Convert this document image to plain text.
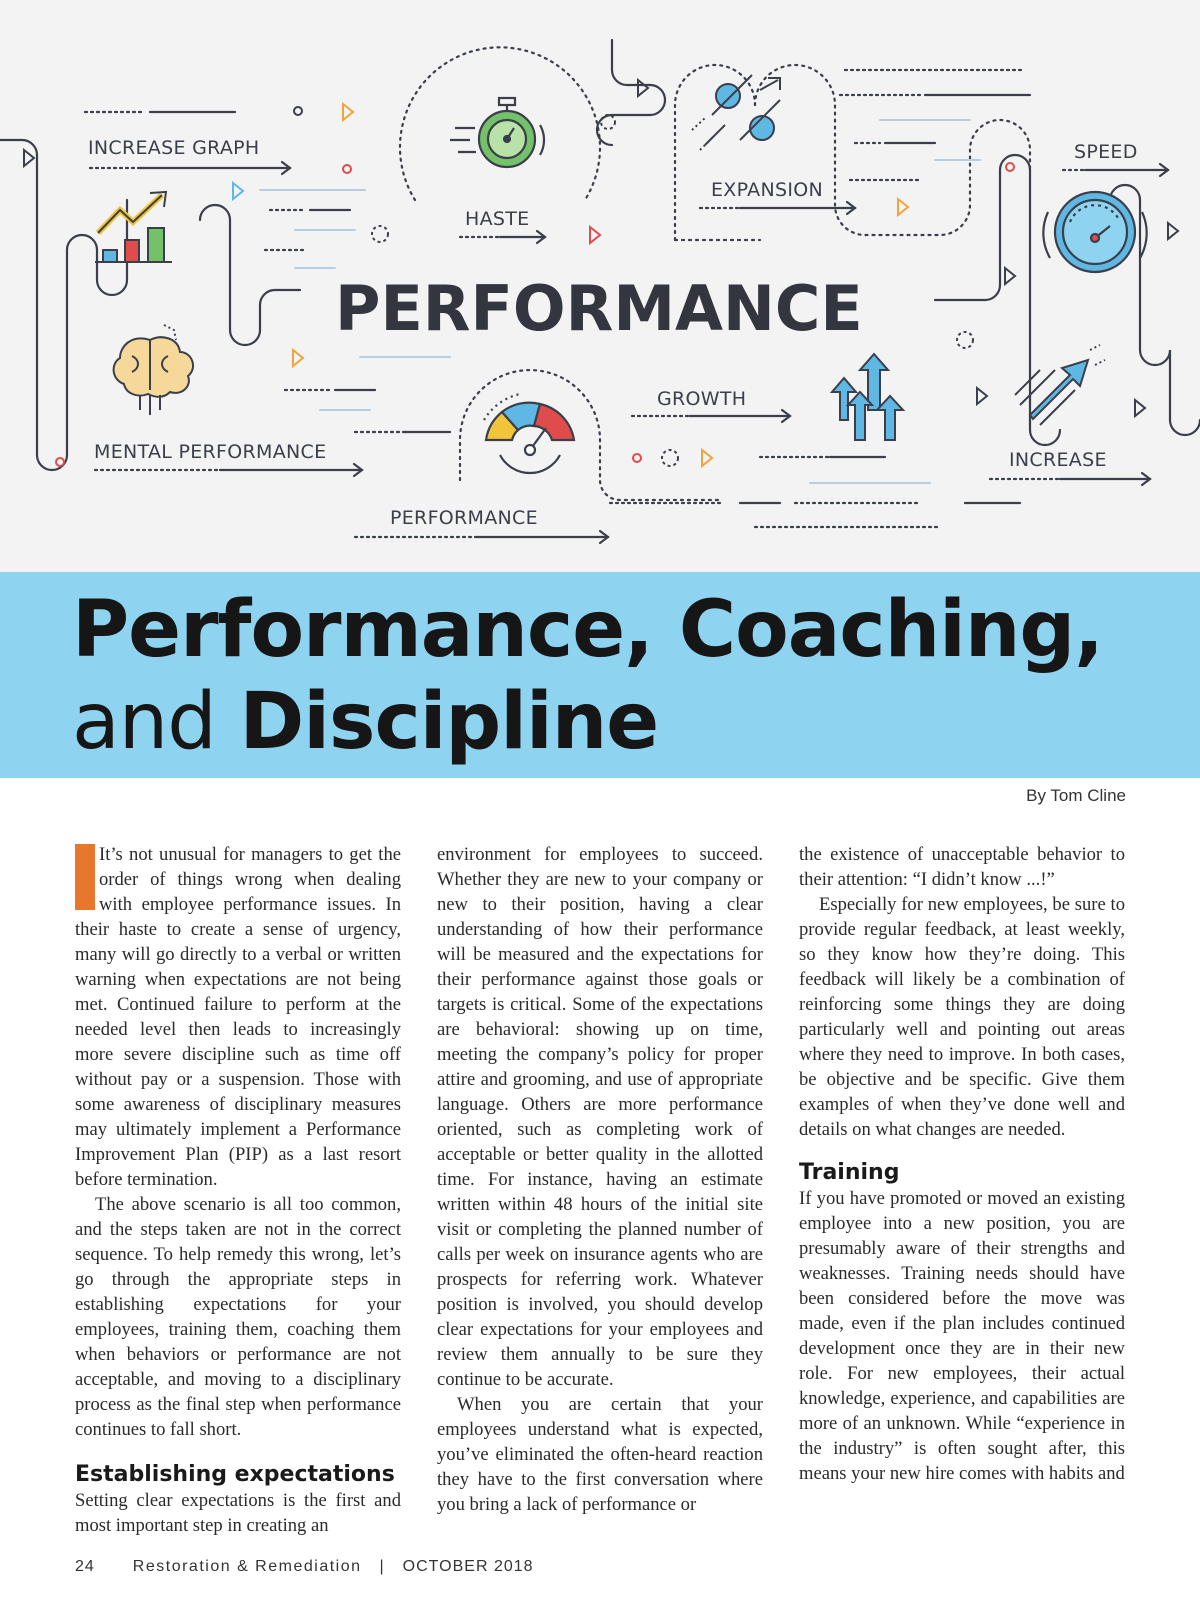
INCREASE GRAPH
HASTE
EXPANSION
SPEED
MENTAL PERFORMANCE
GROWTH
INCREASE
PERFORMANCE
PERFORMANCE
Performance, Coaching,
and Discipline
By Tom Cline

It’s not unusual for managers to get the order of things wrong when dealing with employee performance issues. In their haste to create a sense of urgency, many will go directly to a verbal or written warning when expectations are not being met. Continued failure to perform at the needed level then leads to increasingly more severe discipline such as time off without pay or a suspension. Those with some awareness of disciplinary measures may ultimately implement a Performance Improvement Plan (PIP) as a last resort before termination.

The above scenario is all too common, and the steps taken are not in the correct sequence. To help remedy this wrong, let’s go through the appropriate steps in establishing expectations for your employees, training them, coaching them when behaviors or performance are not acceptable, and moving to a disciplinary process as the final step when performance continues to fall short.

Establishing expectations

Setting clear expectations is the first and most important step in creating an

environment for employees to succeed. Whether they are new to your company or new to their position, having a clear understanding of how their performance will be measured and the expectations for their performance against those goals or targets is critical. Some of the expectations are behavioral: showing up on time, meeting the company’s policy for proper attire and grooming, and use of appropriate language. Others are more performance oriented, such as completing work of acceptable or better quality in the allotted time. For instance, having an estimate written within 48 hours of the initial site visit or completing the planned number of calls per week on insurance agents who are prospects for referring work. Whatever position is involved, you should develop clear expectations for your employees and review them annually to be sure they continue to be accurate.

When you are certain that your employees understand what is expected, you’ve eliminated the often-heard reaction they have to the first conversation where you bring a lack of performance or

the existence of unacceptable behavior to their attention: “I didn’t know ...!”

Especially for new employees, be sure to provide regular feedback, at least weekly, so they know how they’re doing. This feedback will likely be a combination of reinforcing some things they are doing particularly well and pointing out areas where they need to improve. In both cases, be objective and be specific. Give them examples of when they’ve done well and details on what changes are needed.

Training

If you have promoted or moved an existing employee into a new position, you are presumably aware of their strengths and weaknesses. Training needs should have been considered before the move was made, even if the plan includes continued development once they are in their new role. For new employees, their actual knowledge, experience, and capabilities are more of an unknown. While “experience in the industry” is often sought after, this means your new hire comes with habits and

24 Restoration & Remediation | OCTOBER 2018
